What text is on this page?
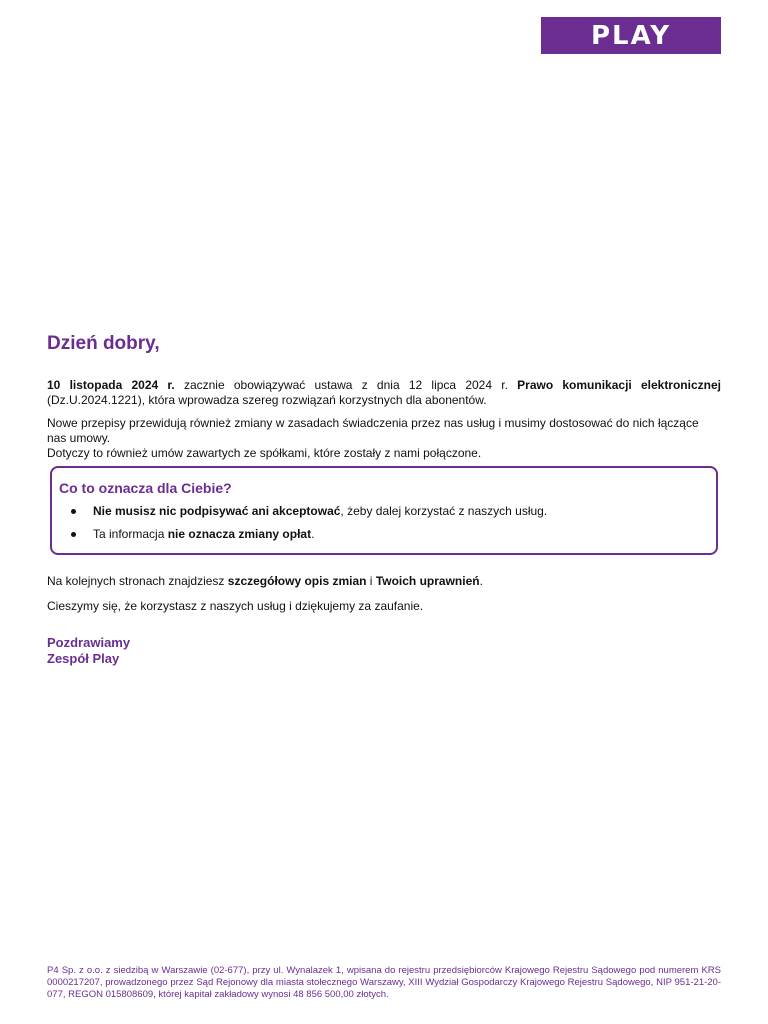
PLAY
Dzień dobry,

10 listopada 2024 r. zacznie obowiązywać ustawa z dnia 12 lipca 2024 r. Prawo komunikacji elektronicznej (Dz.U.2024.1221), która wprowadza szereg rozwiązań korzystnych dla abonentów.

Nowe przepisy przewidują również zmiany w zasadach świadczenia przez nas usług i musimy dostosować do nich łączące nas umowy.
Dotyczy to również umów zawartych ze spółkami, które zostały z nami połączone.

Co to oznacza dla Ciebie?
Nie musisz nic podpisywać ani akceptować, żeby dalej korzystać z naszych usług.
Ta informacja nie oznacza zmiany opłat.

Na kolejnych stronach znajdziesz szczegółowy opis zmian i Twoich uprawnień.

Cieszymy się, że korzystasz z naszych usług i dziękujemy za zaufanie.

Pozdrawiamy
Zespół Play

P4 Sp. z o.o. z siedzibą w Warszawie (02-677), przy ul. Wynalazek 1, wpisana do rejestru przedsiębiorców Krajowego Rejestru Sądowego pod numerem KRS 0000217207, prowadzonego przez Sąd Rejonowy dla miasta stołecznego Warszawy, XIII Wydział Gospodarczy Krajowego Rejestru Sądowego, NIP 951-21-20-077, REGON 015808609, której kapitał zakładowy wynosi 48 856 500,00 złotych.
